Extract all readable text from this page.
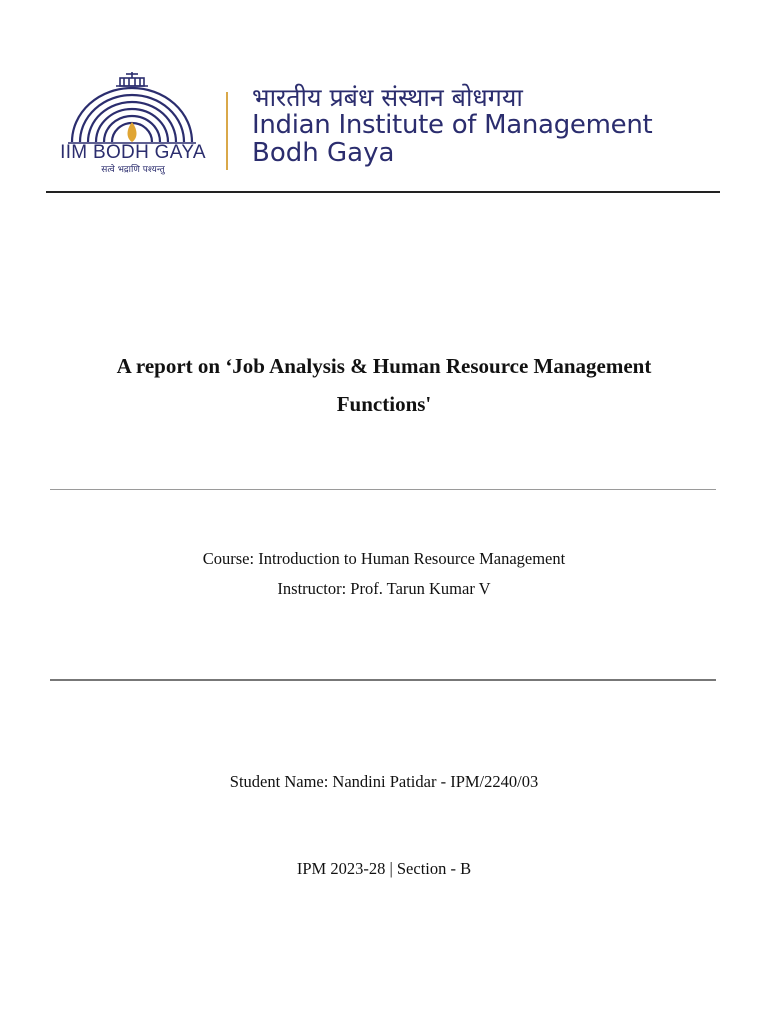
IIM BODH GAYA
सत्वे भद्राणि पश्यन्तु
भारतीय प्रबंध संस्थान बोधगया
Indian Institute of Management
Bodh Gaya
A report on ‘Job Analysis & Human Resource Management
Functions'
Course: Introduction to Human Resource Management
Instructor: Prof. Tarun Kumar V
Student Name: Nandini Patidar - IPM/2240/03
IPM 2023-28 | Section - B
